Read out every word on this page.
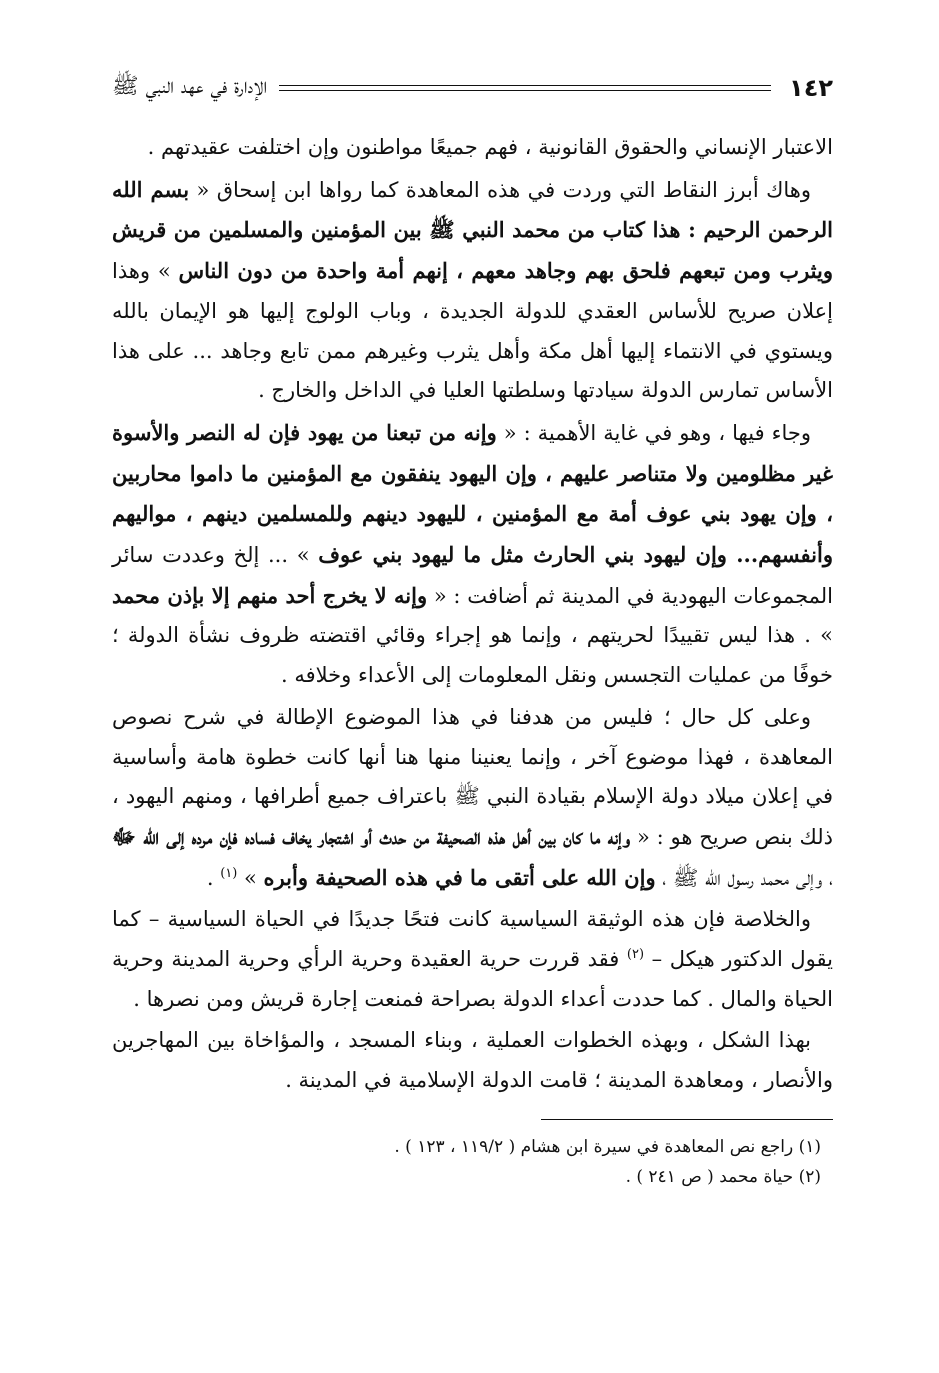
١٤٢
الإدارة في عهد النبي ﷺ

الاعتبار الإنساني والحقوق القانونية ، فهم جميعًا مواطنون وإن اختلفت عقيدتهم .

وهاك أبرز النقاط التي وردت في هذه المعاهدة كما رواها ابن إسحاق « بسم الله الرحمن الرحيم : هذا كتاب من محمد النبي ﷺ بين المؤمنين والمسلمين من قريش ويثرب ومن تبعهم فلحق بهم وجاهد معهم ، إنهم أمة واحدة من دون الناس » وهذا إعلان صريح للأساس العقدي للدولة الجديدة ، وباب الولوج إليها هو الإيمان بالله ويستوي في الانتماء إليها أهل مكة وأهل يثرب وغيرهم ممن تابع وجاهد ... على هذا الأساس تمارس الدولة سيادتها وسلطتها العليا في الداخل والخارج .

وجاء فيها ، وهو في غاية الأهمية : « وإنه من تبعنا من يهود فإن له النصر والأسوة غير مظلومين ولا متناصر عليهم ، وإن اليهود ينفقون مع المؤمنين ما داموا محاربين ، وإن يهود بني عوف أمة مع المؤمنين ، لليهود دينهم وللمسلمين دينهم ، مواليهم وأنفسهم... وإن ليهود بني الحارث مثل ما ليهود بني عوف » ... إلخ وعددت سائر المجموعات اليهودية في المدينة ثم أضافت : « وإنه لا يخرج أحد منهم إلا بإذن محمد » . هذا ليس تقييدًا لحريتهم ، وإنما هو إجراء وقائي اقتضته ظروف نشأة الدولة ؛ خوفًا من عمليات التجسس ونقل المعلومات إلى الأعداء وخلافه .

وعلى كل حال ؛ فليس من هدفنا في هذا الموضوع الإطالة في شرح نصوص المعاهدة ، فهذا موضوع آخر ، وإنما يعنينا منها هنا أنها كانت خطوة هامة وأساسية في إعلان ميلاد دولة الإسلام بقيادة النبي ﷺ باعتراف جميع أطرافها ، ومنهم اليهود ، ذلك بنص صريح هو : « وإنه ما كان بين أهل هذه الصحيفة من حدث أو اشتجار يخاف فساده فإن مرده إلى الله ﷻ ، وإلى محمد رسول الله ﷺ ، وإن الله على أتقى ما في هذه الصحيفة وأبره » $^{(١)}$ .

والخلاصة فإن هذه الوثيقة السياسية كانت فتحًا جديدًا في الحياة السياسية – كما يقول الدكتور هيكل – $^{(٢)}$ فقد قررت حرية العقيدة وحرية الرأي وحرية المدينة وحرية الحياة والمال . كما حددت أعداء الدولة بصراحة فمنعت إجارة قريش ومن نصرها .

بهذا الشكل ، وبهذه الخطوات العملية ، وبناء المسجد ، والمؤاخاة بين المهاجرين والأنصار ، ومعاهدة المدينة ؛ قامت الدولة الإسلامية في المدينة .

(١) راجع نص المعاهدة في سيرة ابن هشام ( ١١٩/٢ ، ١٢٣ ) .
(٢) حياة محمد ( ص ٢٤١ ) .
